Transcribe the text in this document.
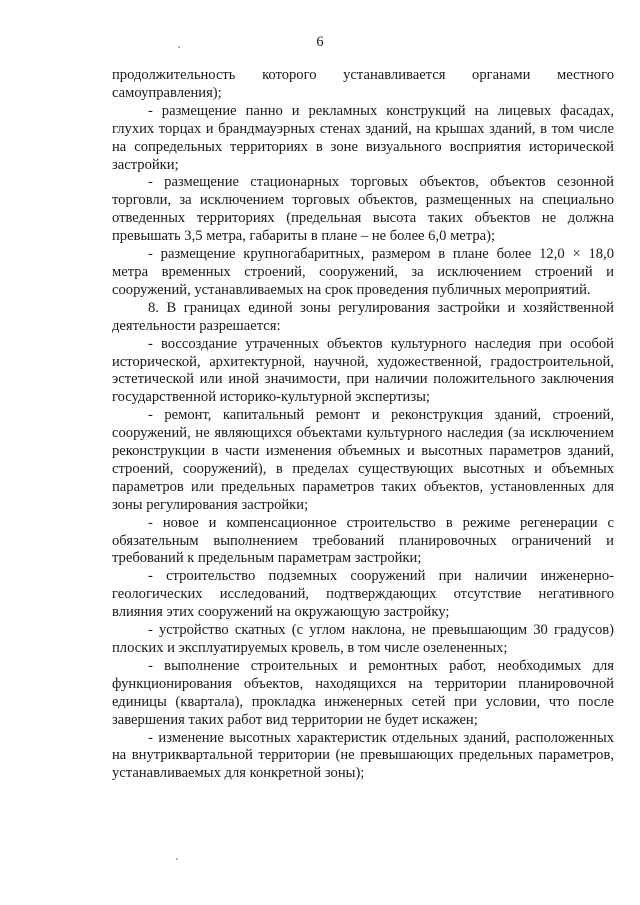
6

продолжительность которого устанавливается органами местного самоуправления);

- размещение панно и рекламных конструкций на лицевых фасадах, глухих торцах и брандмауэрных стенах зданий, на крышах зданий, в том числе на сопредельных территориях в зоне визуального восприятия исторической застройки;

- размещение стационарных торговых объектов, объектов сезонной торговли, за исключением торговых объектов, размещенных на специально отведенных территориях (предельная высота таких объектов не должна превышать 3,5 метра, габариты в плане – не более 6,0 метра);

- размещение крупногабаритных, размером в плане более 12,0 × 18,0 метра временных строений, сооружений, за исключением строений и сооружений, устанавливаемых на срок проведения публичных мероприятий.

8. В границах единой зоны регулирования застройки и хозяйственной деятельности разрешается:

- воссоздание утраченных объектов культурного наследия при особой исторической, архитектурной, научной, художественной, градостроительной, эстетической или иной значимости, при наличии положительного заключения государственной историко-культурной экспертизы;

- ремонт, капитальный ремонт и реконструкция зданий, строений, сооружений, не являющихся объектами культурного наследия (за исключением реконструкции в части изменения объемных и высотных параметров зданий, строений, сооружений), в пределах существующих высотных и объемных параметров или предельных параметров таких объектов, установленных для зоны регулирования застройки;

- новое и компенсационное строительство в режиме регенерации с обязательным выполнением требований планировочных ограничений и требований к предельным параметрам застройки;

- строительство подземных сооружений при наличии инженерно-геологических исследований, подтверждающих отсутствие негативного влияния этих сооружений на окружающую застройку;

- устройство скатных (с углом наклона, не превышающим 30 градусов) плоских и эксплуатируемых кровель, в том числе озелененных;

- выполнение строительных и ремонтных работ, необходимых для функционирования объектов, находящихся на территории планировочной единицы (квартала), прокладка инженерных сетей при условии, что после завершения таких работ вид территории не будет искажен;

- изменение высотных характеристик отдельных зданий, расположенных на внутриквартальной территории (не превышающих предельных параметров, устанавливаемых для конкретной зоны);
